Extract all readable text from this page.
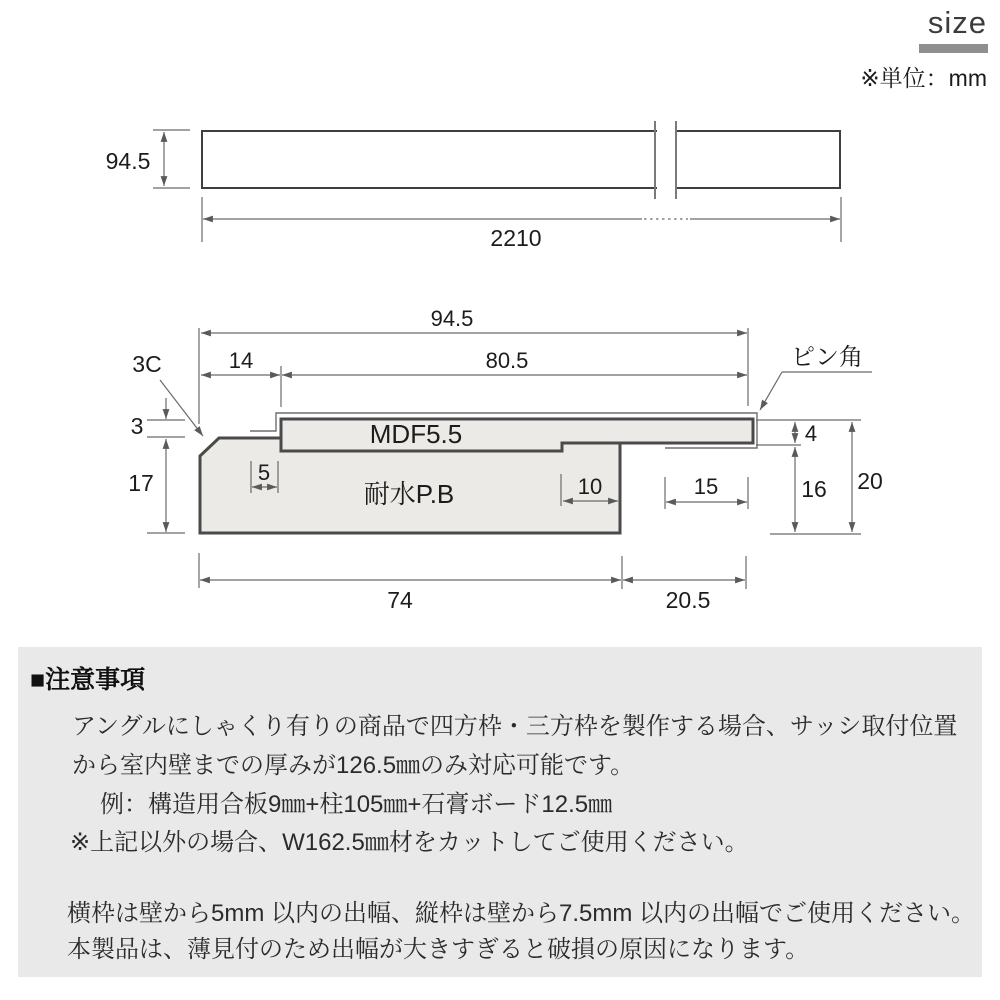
size
※単位：mm
94.5
2210
MDF5.5
耐水P.B
94.5
14	80.5
3C
3
17	5
10	15
4
16 20
ピン角
74	20.5
■注意事項
アングルにしゃくり有りの商品で四方枠・三方枠を製作する場合、サッシ取付位置
から室内壁までの厚みが126.5㎜のみ対応可能です。
例：構造用合板9㎜+柱105㎜+石膏ボード12.5㎜
※上記以外の場合、W162.5㎜材をカットしてご使用ください。
横枠は壁から5mm 以内の出幅、縦枠は壁から7.5mm 以内の出幅でご使用ください。
本製品は、薄見付のため出幅が大きすぎると破損の原因になります。
